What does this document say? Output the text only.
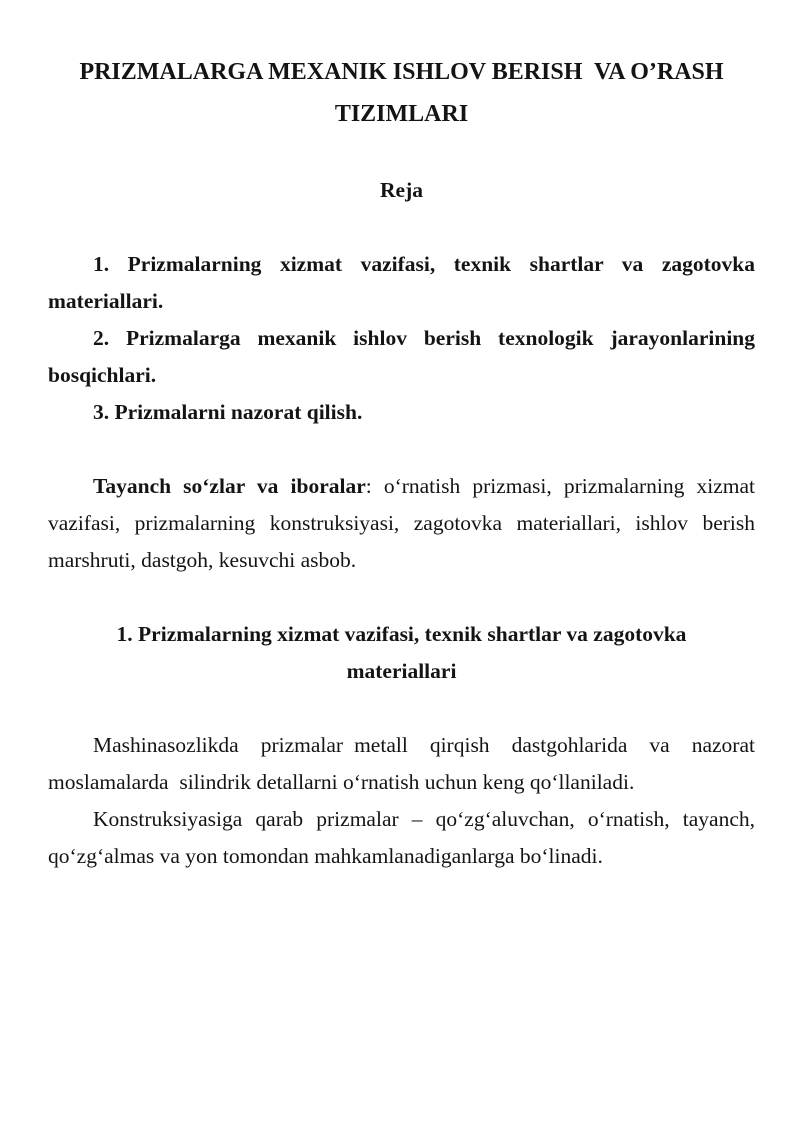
PRIZMALARGA MEXANIK ISHLOV BERISH  VA O’RASH
TIZIMLARI
Reja
1. Prizmalarning xizmat vazifasi, texnik shartlar va zagotovka
materiallari.
2. Prizmalarga mexanik ishlov berish texnologik jarayonlarining
bosqichlari.
3. Prizmalarni nazorat qilish.
Tayanch soʻzlar va iboralar: oʻrnatish prizmasi, prizmalarning xizmat
vazifasi, prizmalarning konstruksiyasi, zagotovka materiallari, ishlov berish
marshruti, dastgoh, kesuvchi asbob.
1. Prizmalarning xizmat vazifasi, texnik shartlar va zagotovka
materiallari
Mashinasozlikda  prizmalar metall  qirqish  dastgohlarida  va  nazorat
moslamalarda  silindrik detallarni oʻrnatish uchun keng qoʻllaniladi.
Konstruksiyasiga qarab prizmalar – qoʻzgʻaluvchan, oʻrnatish, tayanch,
qoʻzgʻalmas va yon tomondan mahkamlanadiganlarga boʻlinadi.
